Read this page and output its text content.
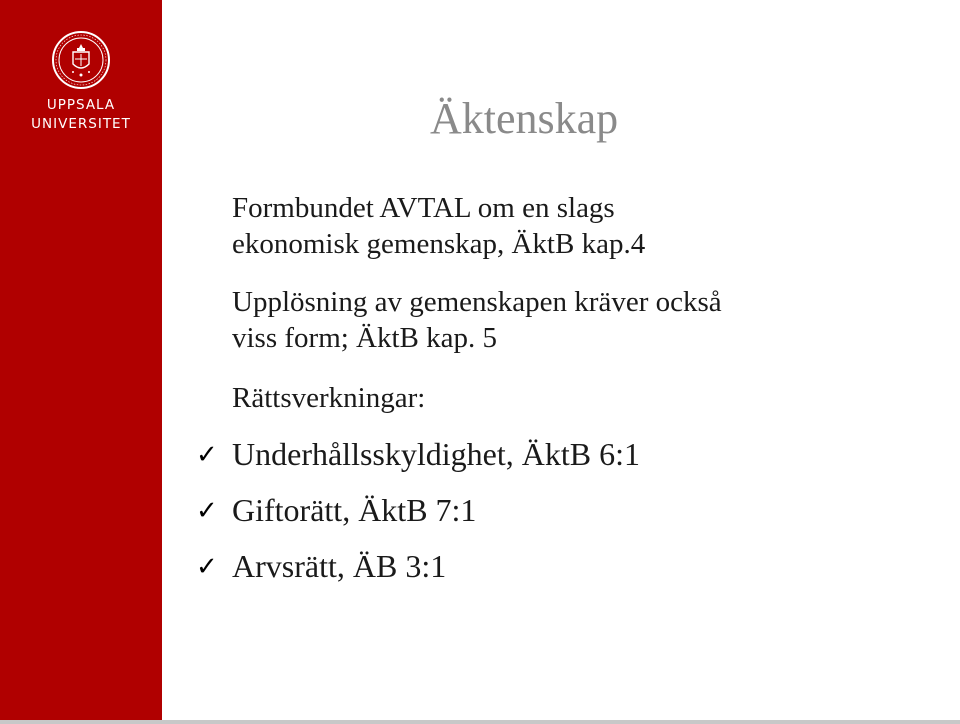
UPPSALA
UNIVERSITET	Äktenskap
Formbundet AVTAL om en slags
ekonomisk gemenskap, ÄktB kap.4
Upplösning av gemenskapen kräver också
viss form; ÄktB kap. 5
Rättsverkningar:
✓ Underhållsskyldighet, ÄktB 6:1
✓ Giftorätt, ÄktB 7:1
✓ Arvsrätt, ÄB 3:1
